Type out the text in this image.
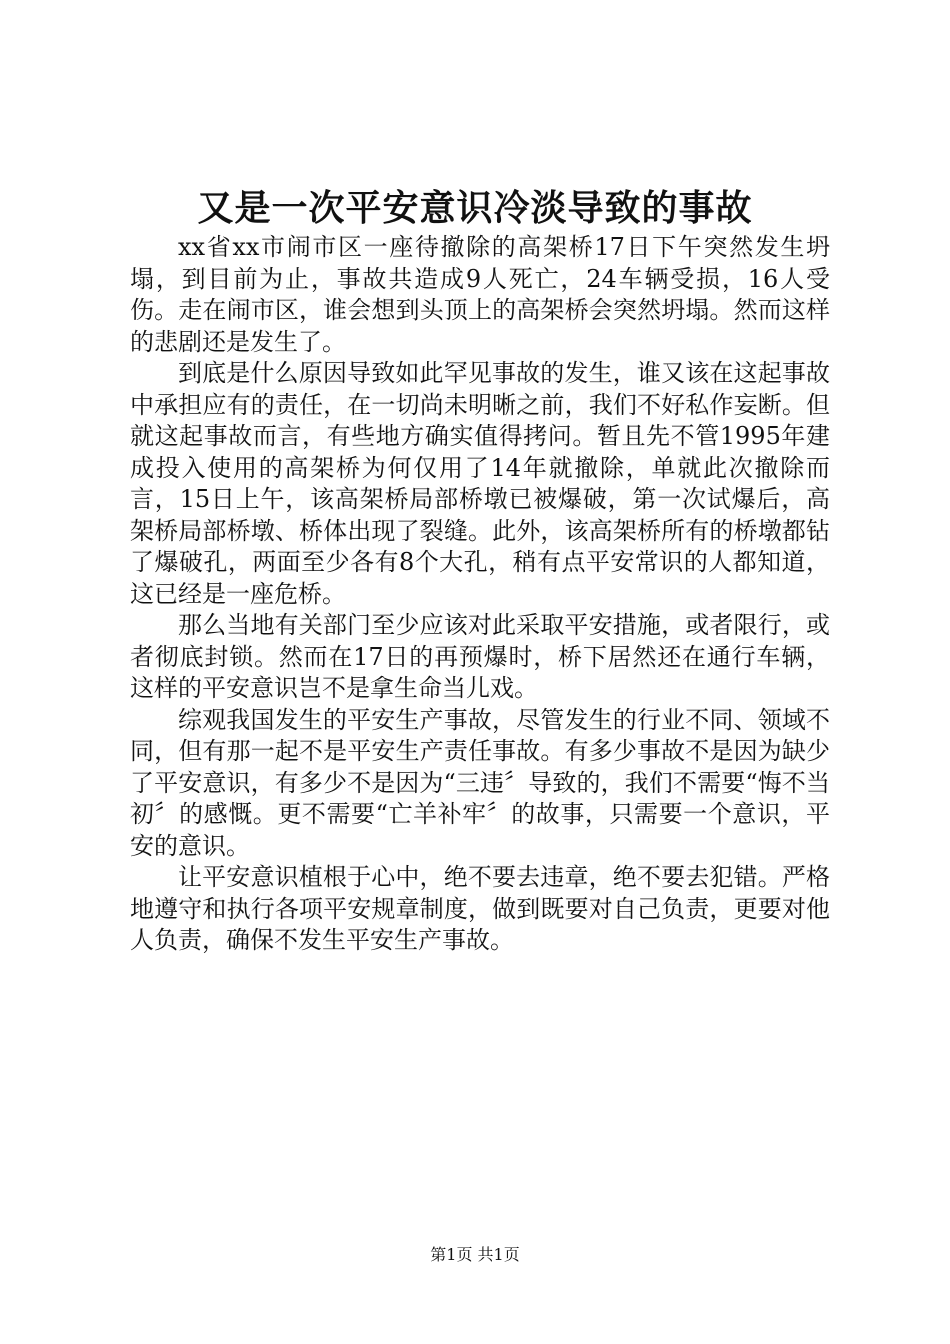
又是一次平安意识冷淡导致的事故

xx省xx市闹市区一座待撤除的高架桥17日下午突然发生坍塌，到目前为止，事故共造成9人死亡，24车辆受损，16人受伤。走在闹市区，谁会想到头顶上的高架桥会突然坍塌。然而这样的悲剧还是发生了。

到底是什么原因导致如此罕见事故的发生，谁又该在这起事故中承担应有的责任，在一切尚未明晰之前，我们不好私作妄断。但就这起事故而言，有些地方确实值得拷问。暂且先不管1995年建成投入使用的高架桥为何仅用了14年就撤除，单就此次撤除而言，15日上午，该高架桥局部桥墩已被爆破，第一次试爆后，高架桥局部桥墩、桥体出现了裂缝。此外，该高架桥所有的桥墩都钻了爆破孔，两面至少各有8个大孔，稍有点平安常识的人都知道，这已经是一座危桥。

那么当地有关部门至少应该对此采取平安措施，或者限行，或者彻底封锁。然而在17日的再预爆时，桥下居然还在通行车辆，这样的平安意识岂不是拿生命当儿戏。

综观我国发生的平安生产事故，尽管发生的行业不同、领域不同，但有那一起不是平安生产责任事故。有多少事故不是因为缺少了平安意识，有多少不是因为“三违〞导致的，我们不需要“悔不当初〞的感慨。更不需要“亡羊补牢〞的故事，只需要一个意识，平安的意识。

让平安意识植根于心中，绝不要去违章，绝不要去犯错。严格地遵守和执行各项平安规章制度，做到既要对自己负责，更要对他人负责，确保不发生平安生产事故。

第1页 共1页
